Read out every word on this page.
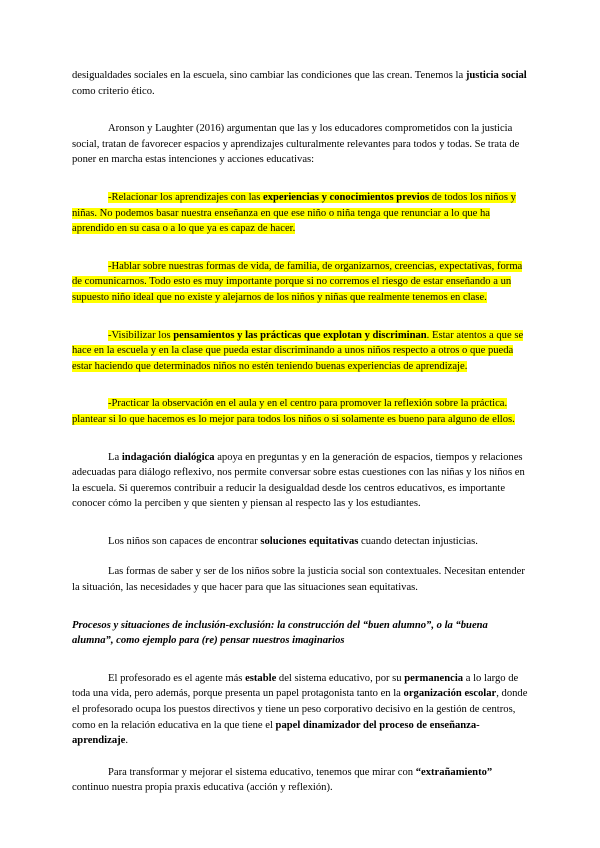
desigualdades sociales en la escuela, sino cambiar las condiciones que las crean. Tenemos la justicia social como criterio ético.

Aronson y Laughter (2016) argumentan que las y los educadores comprometidos con la justicia social, tratan de favorecer espacios y aprendizajes culturalmente relevantes para todos y todas. Se trata de poner en marcha estas intenciones y acciones educativas:

-Relacionar los aprendizajes con las experiencias y conocimientos previos de todos los niños y niñas. No podemos basar nuestra enseñanza en que ese niño o niña tenga que renunciar a lo que ha aprendido en su casa o a lo que ya es capaz de hacer.

-Hablar sobre nuestras formas de vida, de familia, de organizarnos, creencias, expectativas, forma de comunicarnos. Todo esto es muy importante porque si no corremos el riesgo de estar enseñando a un supuesto niño ideal que no existe y alejarnos de los niños y niñas que realmente tenemos en clase.

-Visibilizar los pensamientos y las prácticas que explotan y discriminan. Estar atentos a que se hace en la escuela y en la clase que pueda estar discriminando a unos niños respecto a otros o que pueda estar haciendo que determinados niños no estén teniendo buenas experiencias de aprendizaje.

-Practicar la observación en el aula y en el centro para promover la reflexión sobre la práctica. plantear si lo que hacemos es lo mejor para todos los niños o si solamente es bueno para alguno de ellos.

La indagación dialógica apoya en preguntas y en la generación de espacios, tiempos y relaciones adecuadas para diálogo reflexivo, nos permite conversar sobre estas cuestiones con las niñas y los niños en la escuela. Si queremos contribuir a reducir la desigualdad desde los centros educativos, es importante conocer cómo la perciben y que sienten y piensan al respecto las y los estudiantes.

Los niños son capaces de encontrar soluciones equitativas cuando detectan injusticias.

Las formas de saber y ser de los niños sobre la justicia social son contextuales. Necesitan entender la situación, las necesidades y que hacer para que las situaciones sean equitativas.

Procesos y situaciones de inclusión-exclusión: la construcción del “buen alumno”, o la “buena alumna”, como ejemplo para (re) pensar nuestros imaginarios

El profesorado es el agente más estable del sistema educativo, por su permanencia a lo largo de toda una vida, pero además, porque presenta un papel protagonista tanto en la organización escolar, donde el profesorado ocupa los puestos directivos y tiene un peso corporativo decisivo en la gestión de centros, como en la relación educativa en la que tiene el papel dinamizador del proceso de enseñanza-aprendizaje.

Para transformar y mejorar el sistema educativo, tenemos que mirar con “extrañamiento” continuo nuestra propia praxis educativa (acción y reflexión).
